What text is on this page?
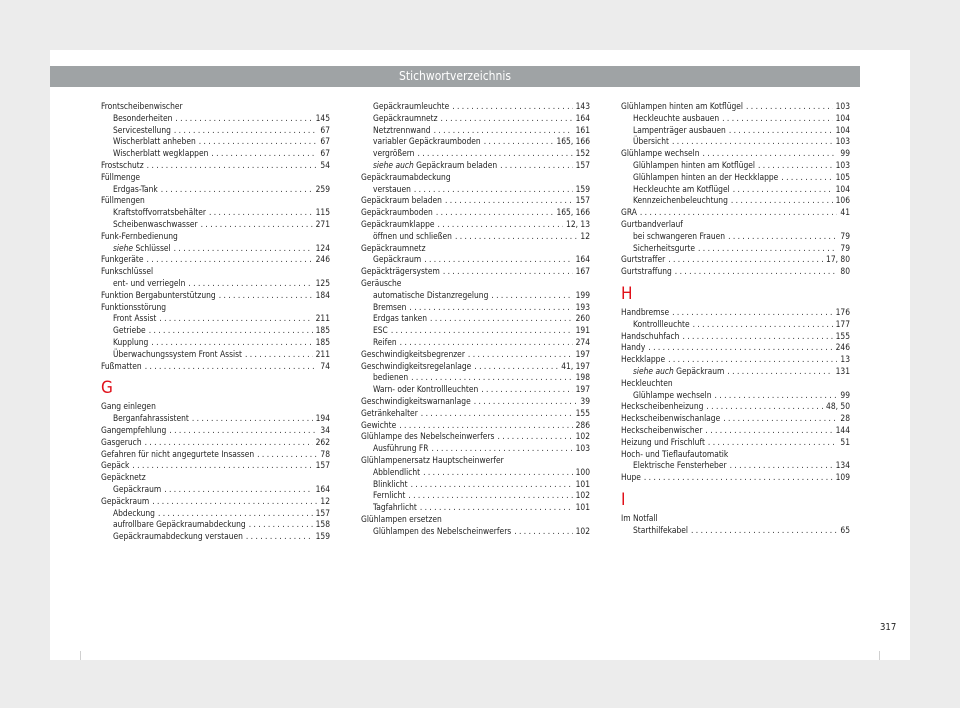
Stichwortverzeichnis
Frontscheibenwischer
Besonderheiten . . .	145
Servicestellung . . .	67
Wischerblatt anheben . . .	67
Wischerblatt wegklappen . . .	67
Frostschutz . . .	54
Füllmenge
Erdgas-Tank . . .	259
Füllmengen
Kraftstoffvorratsbehälter . . .	115
Scheibenwaschwasser . . .	271
Funk-Fernbedienung
siehe Schlüssel . . .	124
Funkgeräte . . .	246
Funkschlüssel
ent- und verriegeln . . .	125
Funktion Bergabunterstützung . . .	184
Funktionsstörung
Front Assist . . .	211
Getriebe . . .	185
Kupplung . . .	185
Überwachungssystem Front Assist . . .	211
Fußmatten . . .	74
G
Gang einlegen
Berganfahrassistent . . .	194
Gangempfehlung . . .	34
Gasgeruch . . .	262
Gefahren für nicht angegurtete Insassen . . .	78
Gepäck . . .	157
Gepäcknetz
Gepäckraum . . .	164
Gepäckraum . . .	12
Abdeckung . . .	157
aufrollbare Gepäckraumabdeckung . . .	158
Gepäckraumabdeckung verstauen . . .	159
Gepäckraumleuchte . . .	143
Gepäckraumnetz . . .	164
Netztrennwand . . .	161
variabler Gepäckraumboden . . .	165, 166
vergrößern . . .	152
siehe auch Gepäckraum beladen . . .	157
Gepäckraumabdeckung
verstauen . . .	159
Gepäckraum beladen . . .	157
Gepäckraumboden . . .	165, 166
Gepäckraumklappe . . .	12, 13
öffnen und schließen . . .	12
Gepäckraumnetz
Gepäckraum . . .	164
Gepäckträgersystem . . .	167
Geräusche
automatische Distanzregelung . . .	199
Bremsen . . .	193
Erdgas tanken . . .	260
ESC . . .	191
Reifen . . .	274
Geschwindigkeitsbegrenzer . . .	197
Geschwindigkeitsregelanlage . . .	41, 197
bedienen . . .	198
Warn- oder Kontrollleuchten . . .	197
Geschwindigkeitswarnanlage . . .	39
Getränkehalter . . .	155
Gewichte . . .	286
Glühlampe des Nebelscheinwerfers . . .	102
Ausführung FR . . .	103
Glühlampenersatz Hauptscheinwerfer
Abblendlicht . . .	100
Blinklicht . . .	101
Fernlicht . . .	102
Tagfahrlicht . . .	101
Glühlampen ersetzen
Glühlampen des Nebelscheinwerfers . . .	102
Glühlampen hinten am Kotflügel . . .	103
Heckleuchte ausbauen . . .	104
Lampenträger ausbauen . . .	104
Übersicht . . .	103
Glühlampe wechseln . . .	99
Glühlampen hinten am Kotflügel . . .	103
Glühlampen hinten an der Heckklappe . . .	105
Heckleuchte am Kotflügel . . .	104
Kennzeichenbeleuchtung . . .	106
GRA . . .	41
Gurtbandverlauf
bei schwangeren Frauen . . .	79
Sicherheitsgurte . . .	79
Gurtstraffer . . .	17, 80
Gurtstraffung . . .	80
H
Handbremse . . .	176
Kontrollleuchte . . .	177
Handschuhfach . . .	155
Handy . . .	246
Heckklappe . . .	13
siehe auch Gepäckraum . . .	131
Heckleuchten
Glühlampe wechseln . . .	99
Heckscheibenheizung . . .	48, 50
Heckscheibenwischanlage . . .	28
Heckscheibenwischer . . .	144
Heizung und Frischluft . . .	51
Hoch- und Tieflaufautomatik
Elektrische Fensterheber . . .	134
Hupe . . .	109
I
Im Notfall
Starthilfekabel . . .	65
317
